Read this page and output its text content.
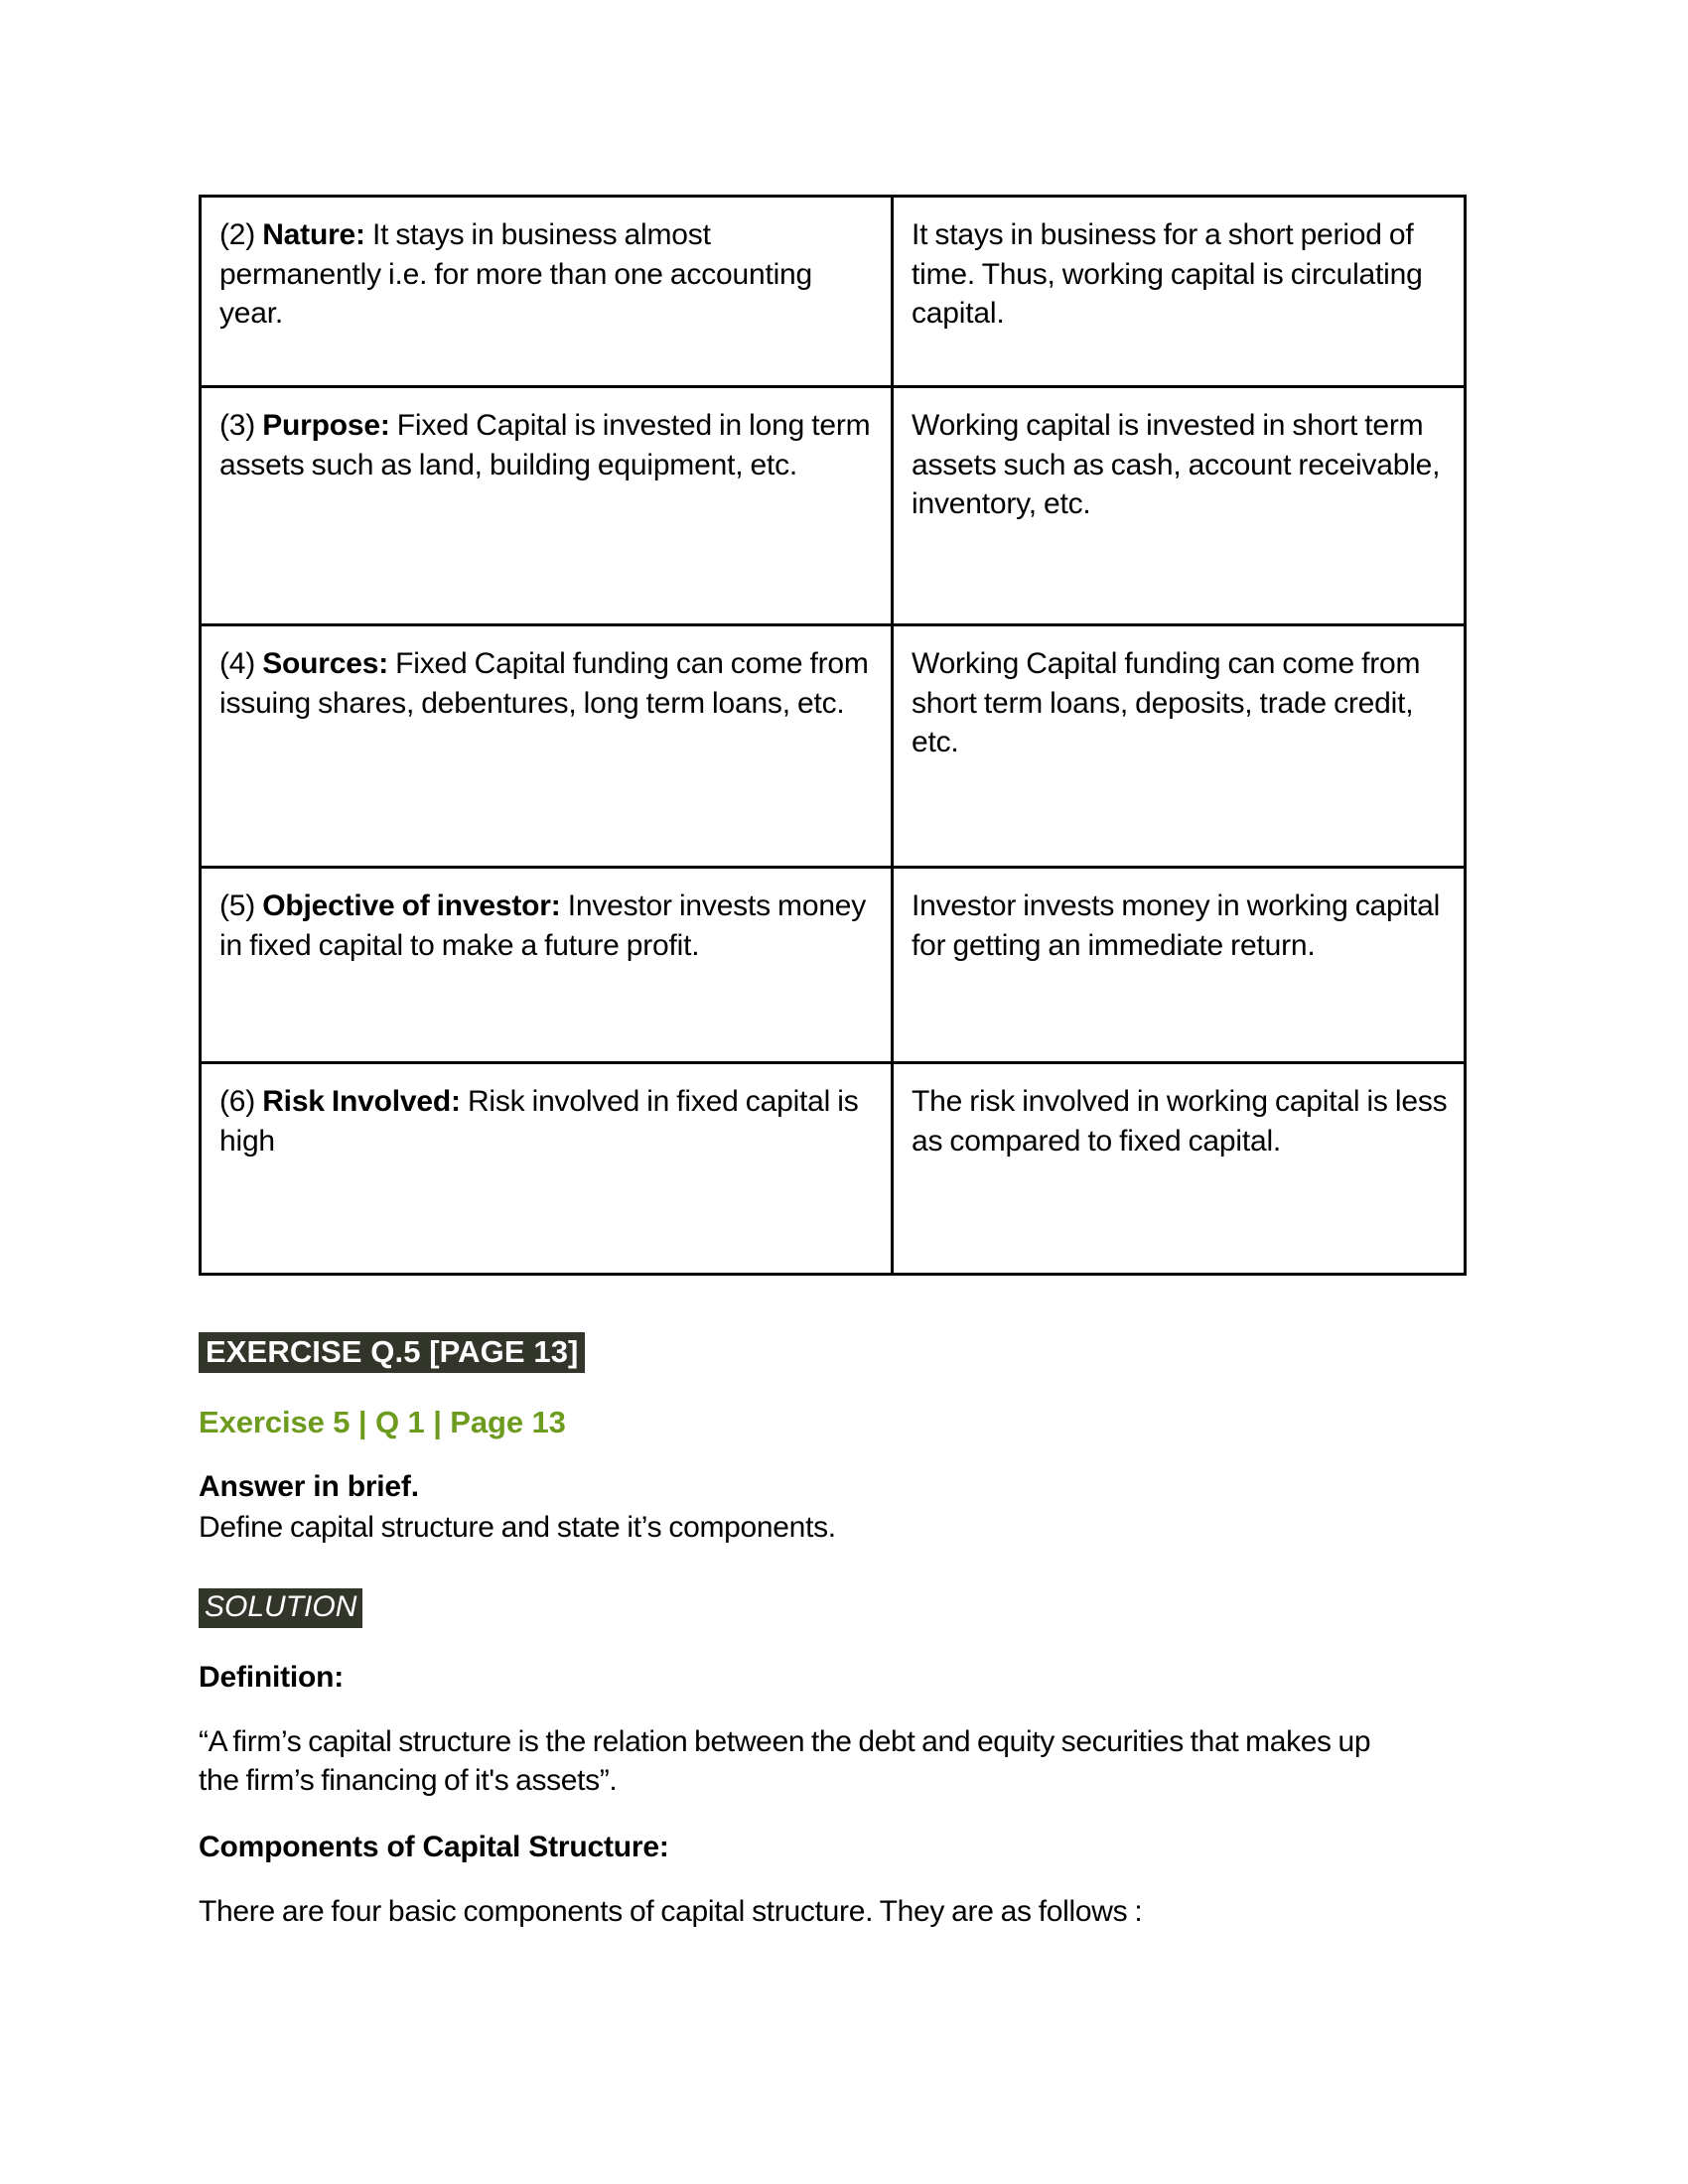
(2) Nature: It stays in business almost permanently i.e. for more than one accounting year.	It stays in business for a short period of time. Thus, working capital is circulating capital.
(3) Purpose: Fixed Capital is invested in long term assets such as land, building equipment, etc.	Working capital is invested in short term assets such as cash, account receivable, inventory, etc.
(4) Sources: Fixed Capital funding can come from issuing shares, debentures, long term loans, etc.	Working Capital funding can come from short term loans, deposits, trade credit, etc.
(5) Objective of investor: Investor invests money in fixed capital to make a future profit.	Investor invests money in working capital for getting an immediate return.
(6) Risk Involved: Risk involved in fixed capital is high	The risk involved in working capital is less as compared to fixed capital.
EXERCISE Q.5 [PAGE 13]
Exercise 5 | Q 1 | Page 13
Answer in brief.
Define capital structure and state it’s components.
SOLUTION
Definition:
“A firm’s capital structure is the relation between the debt and equity securities that makes up the firm’s financing of it's assets”.
Components of Capital Structure:
There are four basic components of capital structure. They are as follows :
